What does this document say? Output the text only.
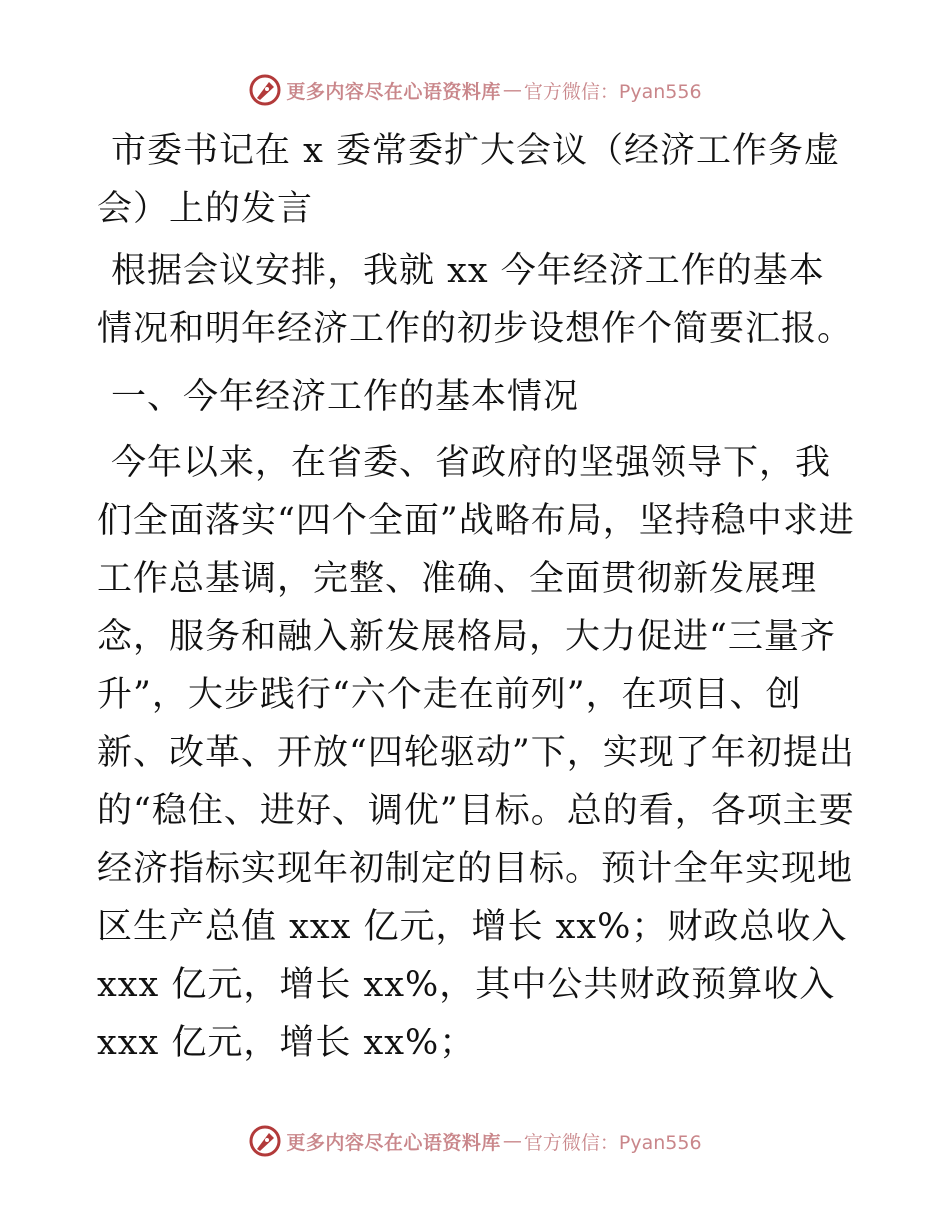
更多内容尽在心语资料库 — 官方微信：Pyan556

市委书记在 x 委常委扩大会议（经济工作务虚会）上的发言

根据会议安排，我就 xx 今年经济工作的基本情况和明年经济工作的初步设想作个简要汇报。

一、今年经济工作的基本情况

今年以来，在省委、省政府的坚强领导下，我们全面落实“四个全面”战略布局，坚持稳中求进工作总基调，完整、准确、全面贯彻新发展理念，服务和融入新发展格局，大力促进“三量齐升”，大步践行“六个走在前列”，在项目、创新、改革、开放“四轮驱动”下，实现了年初提出的“稳住、进好、调优”目标。总的看，各项主要经济指标实现年初制定的目标。预计全年实现地区生产总值 xxx 亿元，增长 xx%；财政总收入 xxx 亿元，增长 xx%，其中公共财政预算收入 xxx 亿元，增长 xx%；

更多内容尽在心语资料库 — 官方微信：Pyan556
